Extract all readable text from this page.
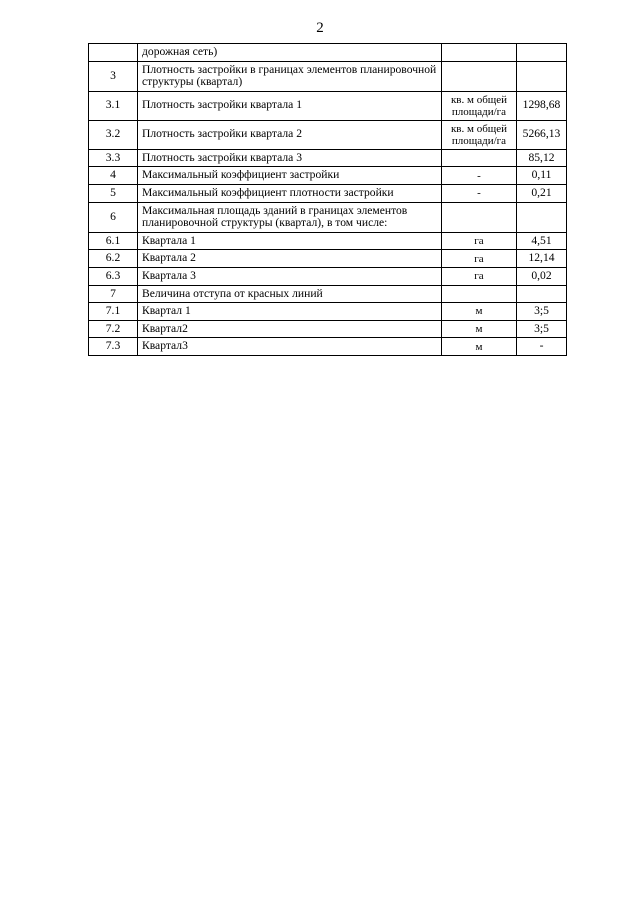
2
	дорожная сеть)		
3	Плотность застройки в границах элементов планировочной структуры (квартал)		
3.1	Плотность застройки квартала 1	кв. м общей площади/га	1298,68
3.2	Плотность застройки квартала 2	кв. м общей площади/га	5266,13
3.3	Плотность застройки квартала 3		85,12
4	Максимальный коэффициент застройки	-	0,11
5	Максимальный коэффициент плотности застройки	-	0,21
6	Максимальная площадь зданий в границах элементов планировочной структуры (квартал), в том числе:		
6.1	Квартала 1	га	4,51
6.2	Квартала 2	га	12,14
6.3	Квартала 3	га	0,02
7	Величина отступа от красных линий		
7.1	Квартал 1	м	3;5
7.2	Квартал2	м	3;5
7.3	Квартал3	м	-
